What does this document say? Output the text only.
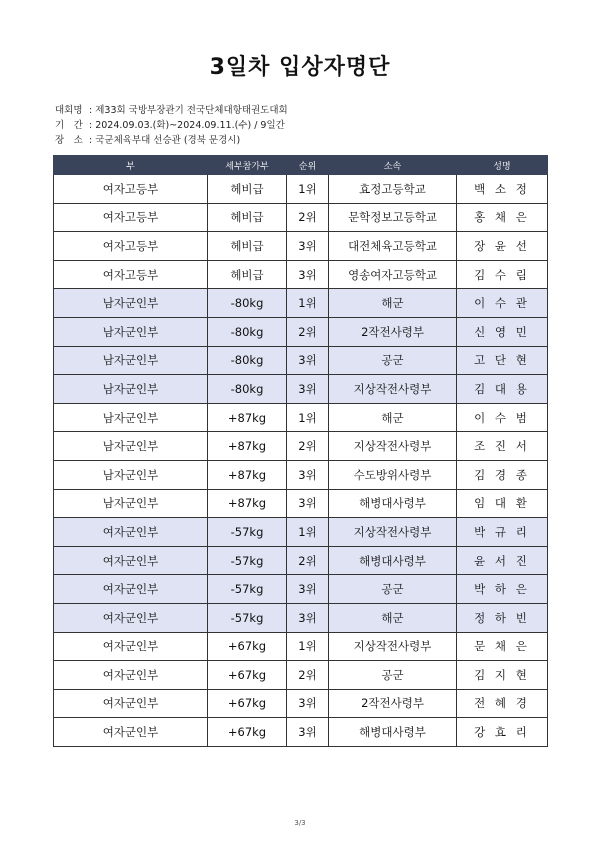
3일차 입상자명단
대회명 : 제33회 국방부장관기 전국단체대항태권도대회
기　간 : 2024.09.03.(화)~2024.09.11.(수) / 9일간
장　소 : 국군체육부대 선승관 (경북 문경시)
부	세부참가부	순위	소속	성명
여자고등부	헤비급	1위	효정고등학교	백 소 정
여자고등부	헤비급	2위	문학정보고등학교	홍 채 은
여자고등부	헤비급	3위	대전체육고등학교	장 윤 선
여자고등부	헤비급	3위	영송여자고등학교	김 수 림
남자군인부	-80kg	1위	해군	이 수 관
남자군인부	-80kg	2위	2작전사령부	신 영 민
남자군인부	-80kg	3위	공군	고 단 현
남자군인부	-80kg	3위	지상작전사령부	김 대 용
남자군인부	+87kg	1위	해군	이 수 범
남자군인부	+87kg	2위	지상작전사령부	조 진 서
남자군인부	+87kg	3위	수도방위사령부	김 경 종
남자군인부	+87kg	3위	해병대사령부	임 대 환
여자군인부	-57kg	1위	지상작전사령부	박 규 리
여자군인부	-57kg	2위	해병대사령부	윤 서 진
여자군인부	-57kg	3위	공군	박 하 은
여자군인부	-57kg	3위	해군	정 하 빈
여자군인부	+67kg	1위	지상작전사령부	문 채 은
여자군인부	+67kg	2위	공군	김 지 현
여자군인부	+67kg	3위	2작전사령부	전 혜 경
여자군인부	+67kg	3위	해병대사령부	강 효 리
3/3
